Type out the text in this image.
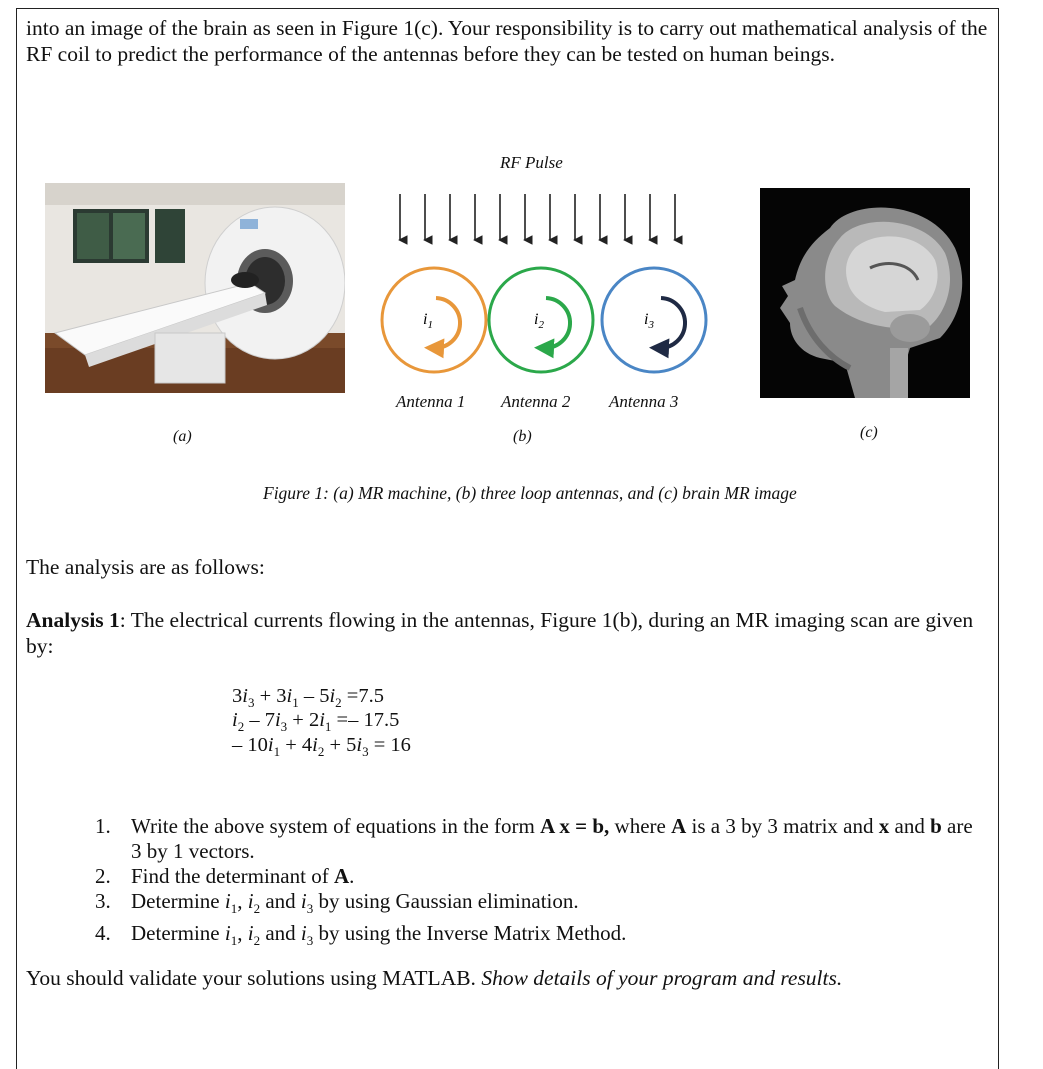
into an image of the brain as seen in Figure 1(c). Your responsibility is to carry out mathematical analysis of the RF coil to predict the performance of the antennas before they can be tested on human beings.
RF Pulse
$i_1$	$i_2$	$i_3$
Antenna 1 Antenna 2 Antenna 3
(a)	(b)	(c)
Figure 1: (a) MR machine, (b) three loop antennas, and (c) brain MR image
The analysis are as follows:
Analysis 1: The electrical currents flowing in the antennas, Figure 1(b), during an MR imaging scan are given by:
$3i_3 + 3i_1 - 5i_2 =7.5$
$i_2 - 7i_3 + 2i_1 =- 17.5$
– $10i_1 + 4i_2 + 5i_3 = 16$
1. Write the above system of equations in the form A x = b, where A is a 3 by 3 matrix and x and b are 3 by 1 vectors.
2. Find the determinant of A.
3. Determine $i_1$, $i_2$ and $i_3$ by using Gaussian elimination.
4. Determine $i_1$, $i_2$ and $i_3$ by using the Inverse Matrix Method.
You should validate your solutions using MATLAB. Show details of your program and results.
